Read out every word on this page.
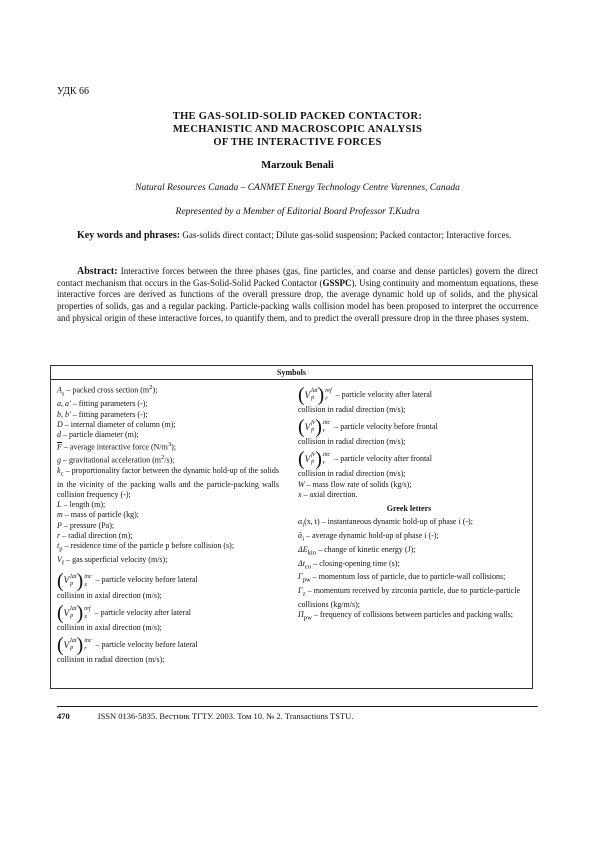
УДК 66
THE GAS-SOLID-SOLID PACKED CONTACTOR:
MECHANISTIC AND MACROSCOPIC ANALYSIS
OF THE INTERACTIVE FORCES
Marzouk Benali
Natural Resources Canada – CANMET Energy Technology Centre Varennes, Canada
Represented by a Member of Editorial Board Professor T.Kudra
Key words and phrases: Gas-solids direct contact; Dilute gas-solid suspension; Packed contactor; Interactive forces.
Abstract: Interactive forces between the three phases (gas, fine particles, and coarse and dense particles) govern the direct contact mechanism that occurs in the Gas-Solid-Solid Packed Contactor (GSSPC). Using continuity and momentum equations, these interactive forces are derived as functions of the overall pressure drop, the average dynamic hold up of solids, and the physical properties of solids, gas and a regular packing. Particle-packing walls collision model has been proposed to interpret the occurrence and physical origin of these interactive forces, to quantify them, and to predict the overall pressure drop in the three phases system.
Symbols

$A_s$ – packed cross section $(m^2)$;

a, a' – fitting parameters (-);

b, b' – fitting parameters (-);

D – internal diameter of column (m);

d – particle diameter (m);

$\overline{F}$ – average interactive force $(N/m^3)$;

g – gravitational acceleration $(m^2/s)$;

$k_c$ – proportionality factor between the dynamic hold-up of the solids in the vicinity of the packing walls and the particle-packing walls collision frequency (-);

L – length (m);

m – mass of particle (kg);

P – pressure (Pa);

r – radial direction (m);

$t_p$ – residence time of the particle p before collision (s);

$V_f$ – gas superficial velocity (m/s);

( V lat
p ) inc
x
– particle velocity before lateral

collision in axial direction (m/s);

( V lat
p ) ref
x
– particle velocity after lateral

collision in axial direction (m/s);

( V lat
p ) inc
r
– particle velocity before lateral

collision in radial direction (m/s);

( V lat
p ) ref
r
– particle velocity after lateral

collision in radial direction (m/s);

( V fr
p ) inc
r
– particle velocity before frontal

collision in radial direction (m/s);

( V fr
p ) inc
r
– particle velocity after frontal

collision in radial direction (m/s);

W – mass flow rate of solids (kg/s);

x – axial direction.

Greek letters

$\alpha_i(x$, t) – instantaneous dynamic hold-up of phase i (-);

ᾱ$_i$ – average dynamic hold-up of phase i (-);

$\Delta E_{kin}$ – change of kinetic energy (J);

$\Delta t_{co}$ – closing-opening time (s);

$\Gamma_{pw}$ – momentum loss of particle, due to particle-wall collisions;

$\Gamma_z$ – momentum received by zirconia particle, due to particle-particle collisions (kg/m/s);

$\Pi_{pw}$ – frequency of collisions between particles and packing walls;

470	ISSN 0136-5835. Вестник ТГТУ. 2003. Том 10. № 2. Transactions TSTU.
